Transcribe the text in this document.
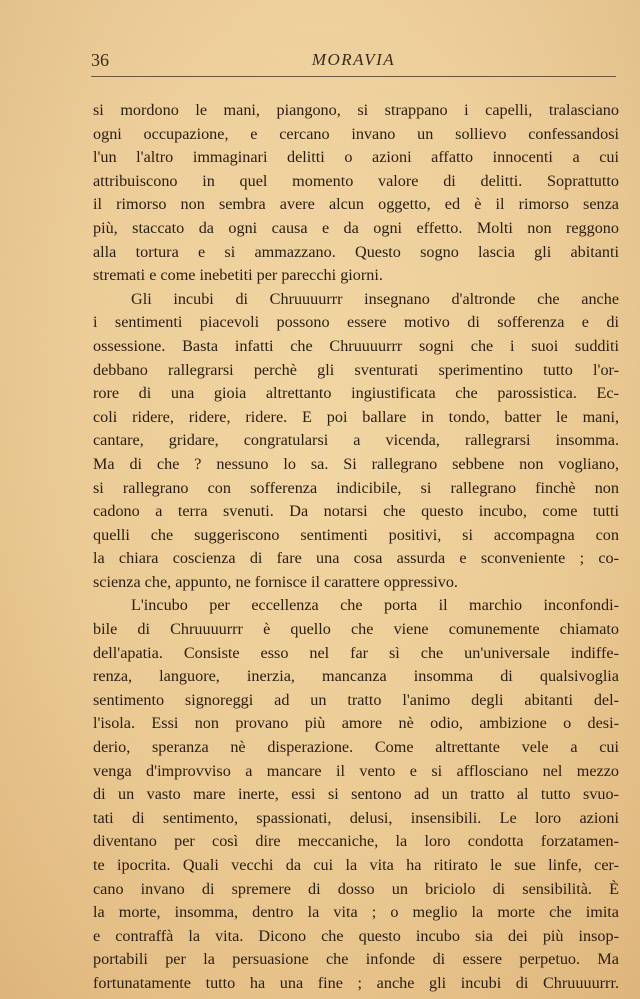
36	MORAVIA
si mordono le mani, piangono, si strappano i capelli, tralasciano
ogni occupazione, e cercano invano un sollievo confessandosi
l'un l'altro immaginari delitti o azioni affatto innocenti a cui
attribuiscono in quel momento valore di delitti. Soprattutto
il rimorso non sembra avere alcun oggetto, ed è il rimorso senza
più, staccato da ogni causa e da ogni effetto. Molti non reggono
alla tortura e si ammazzano. Questo sogno lascia gli abitanti
stremati e come inebetiti per parecchi giorni.
Gli incubi di Chruuuurrr insegnano d'altronde che anche
i sentimenti piacevoli possono essere motivo di sofferenza e di
ossessione. Basta infatti che Chruuuurrr sogni che i suoi sudditi
debbano rallegrarsi perchè gli sventurati sperimentino tutto l'or-
rore di una gioia altrettanto ingiustificata che parossistica. Ec-
coli ridere, ridere, ridere. E poi ballare in tondo, batter le mani,
cantare, gridare, congratularsi a vicenda, rallegrarsi insomma.
Ma di che ? nessuno lo sa. Si rallegrano sebbene non vogliano,
si rallegrano con sofferenza indicibile, si rallegrano finchè non
cadono a terra svenuti. Da notarsi che questo incubo, come tutti
quelli che suggeriscono sentimenti positivi, si accompagna con
la chiara coscienza di fare una cosa assurda e sconveniente ; co-
scienza che, appunto, ne fornisce il carattere oppressivo.
L'incubo per eccellenza che porta il marchio inconfondi-
bile di Chruuuurrr è quello che viene comunemente chiamato
dell'apatia. Consiste esso nel far sì che un'universale indiffe-
renza, languore, inerzia, mancanza insomma di qualsivoglia
sentimento signoreggi ad un tratto l'animo degli abitanti del-
l'isola. Essi non provano più amore nè odio, ambizione o desi-
derio, speranza nè disperazione. Come altrettante vele a cui
venga d'improvviso a mancare il vento e si afflosciano nel mezzo
di un vasto mare inerte, essi si sentono ad un tratto al tutto svuo-
tati di sentimento, spassionati, delusi, insensibili. Le loro azioni
diventano per così dire meccaniche, la loro condotta forzatamen-
te ipocrita. Quali vecchi da cui la vita ha ritirato le sue linfe, cer-
cano invano di spremere di dosso un briciolo di sensibilità. È
la morte, insomma, dentro la vita ; o meglio la morte che imita
e contraffà la vita. Dicono che questo incubo sia dei più insop-
portabili per la persuasione che infonde di essere perpetuo. Ma
fortunatamente tutto ha una fine ; anche gli incubi di Chruuuurrr.
